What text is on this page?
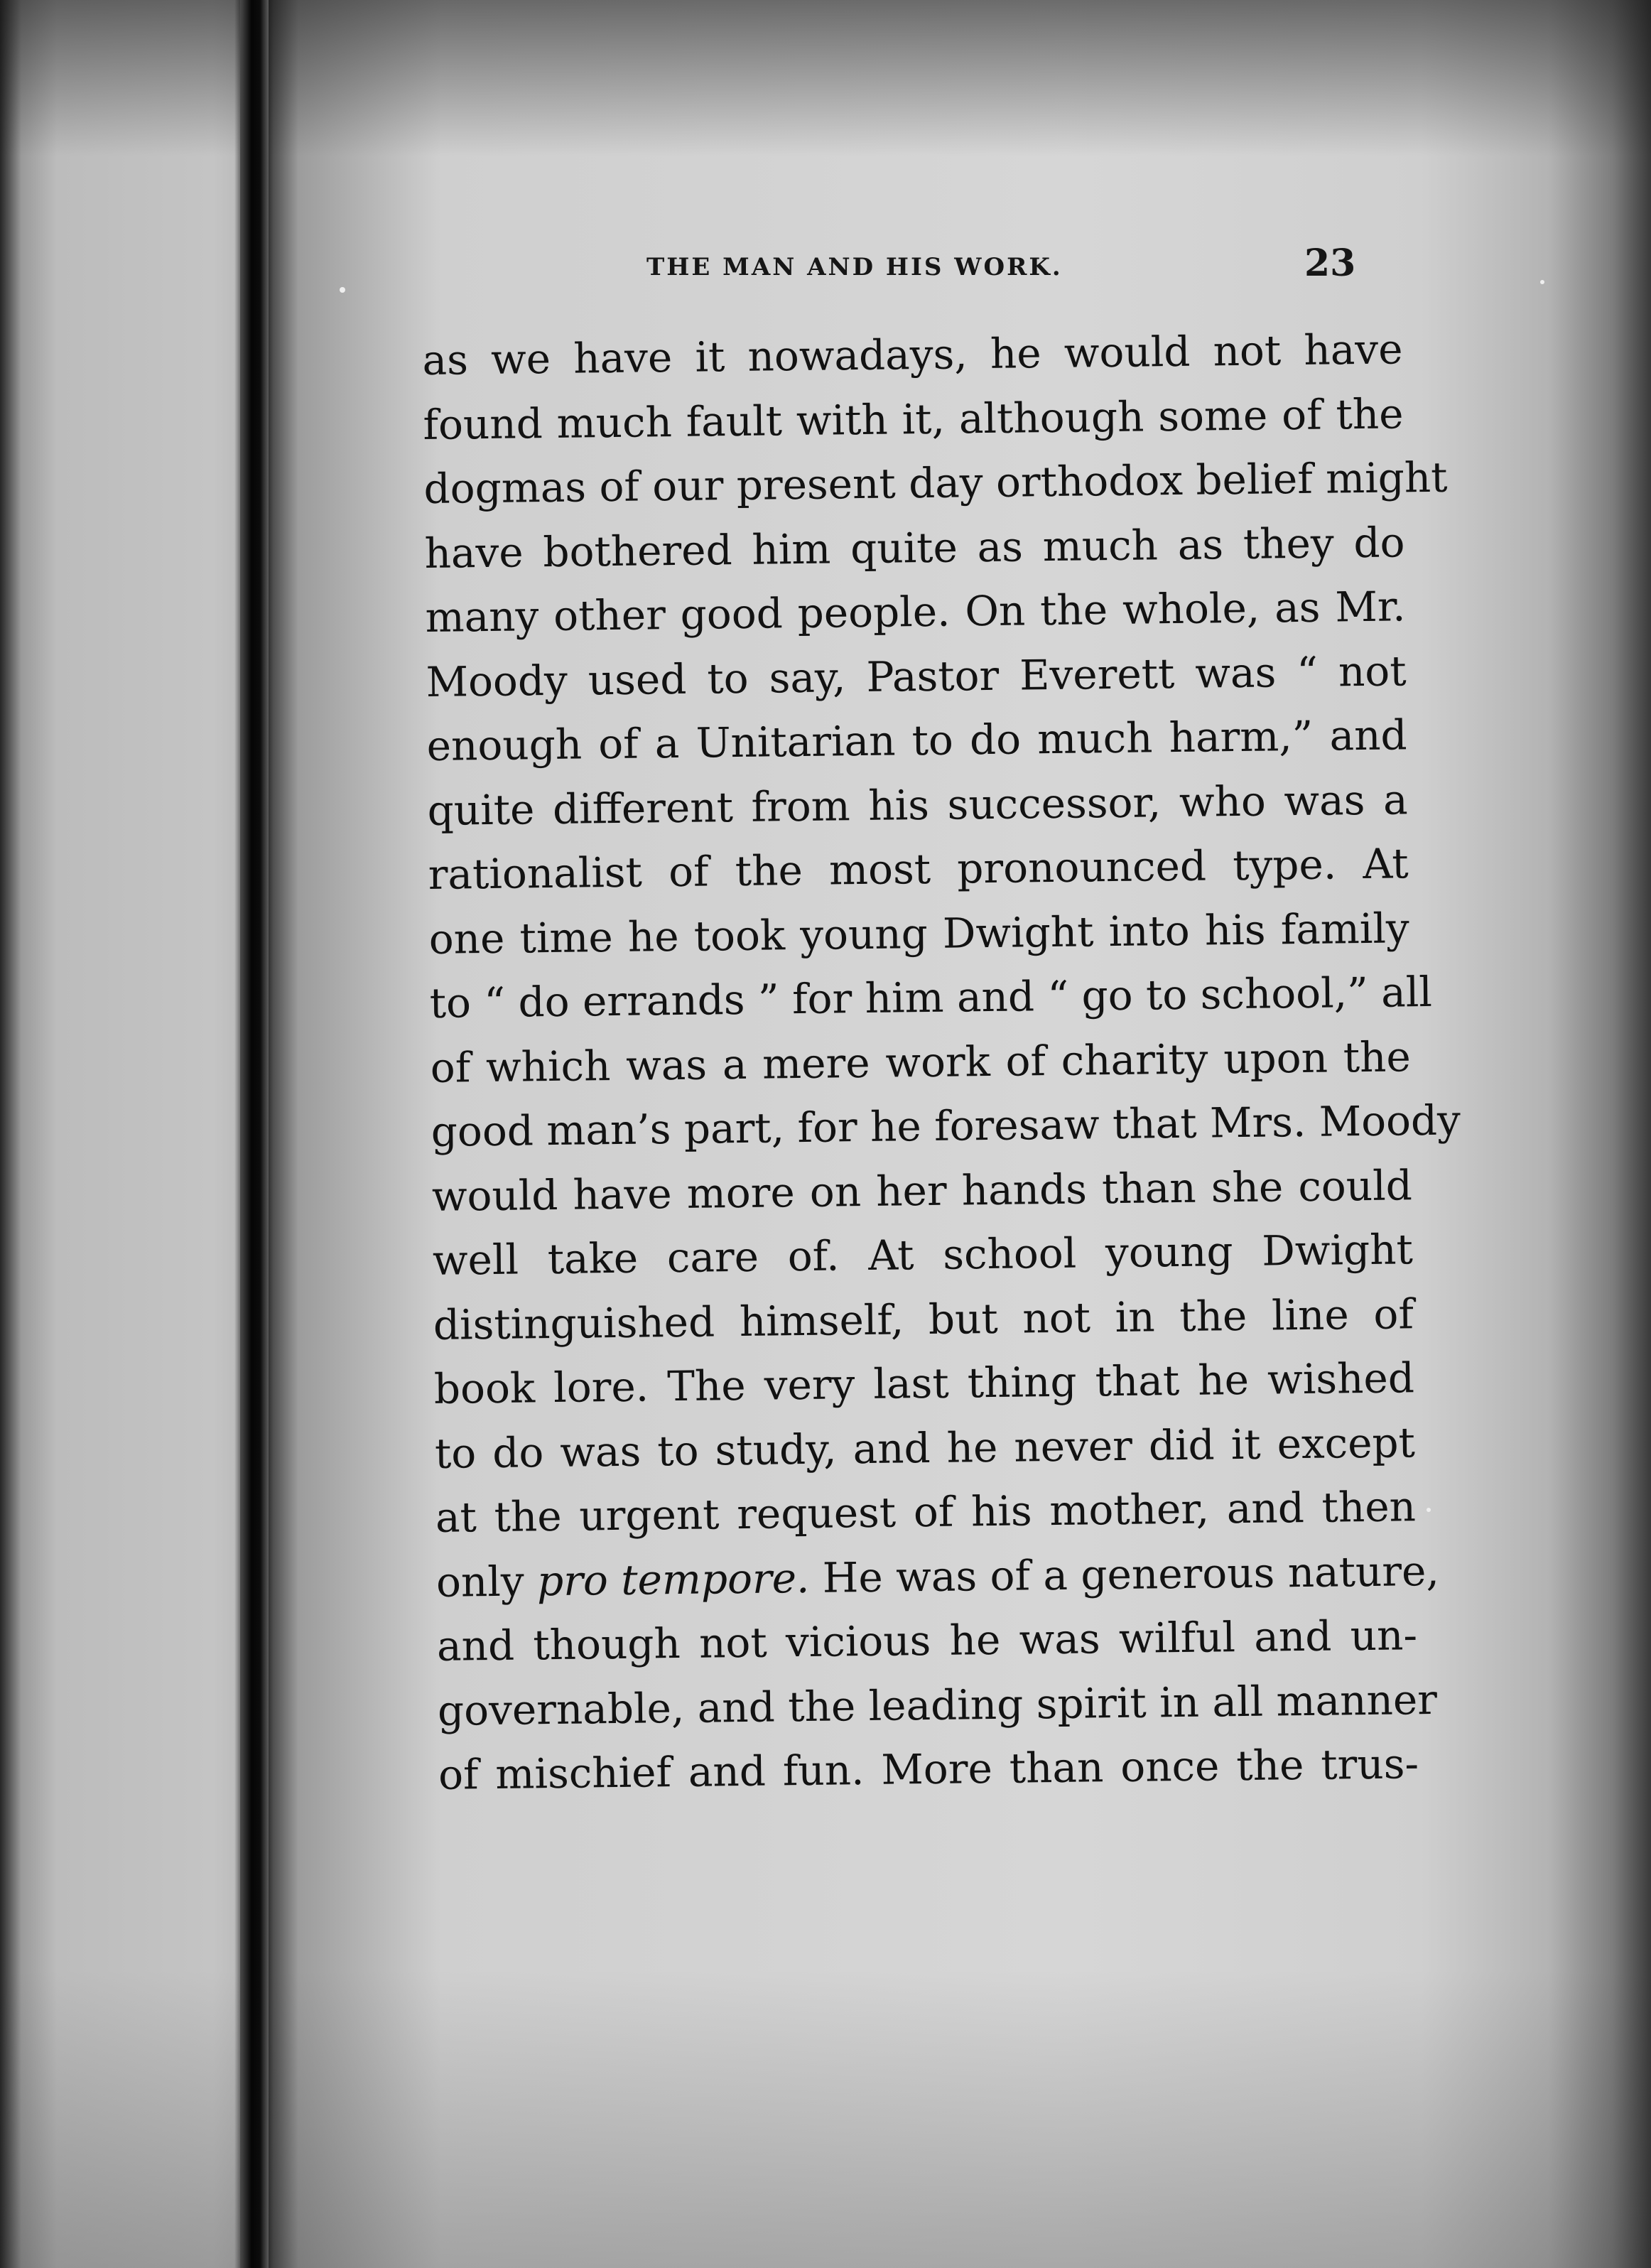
THE MAN AND HIS WORK.	23
as we have it nowadays, he would not have
found much fault with it, although some of the
dogmas of our present day orthodox belief might
have bothered him quite as much as they do
many other good people. On the whole, as Mr.
Moody used to say, Pastor Everett was “ not
enough of a Unitarian to do much harm,” and
quite different from his successor, who was a
rationalist of the most pronounced type. At
one time he took young Dwight into his family
to “ do errands ” for him and “ go to school,” all
of which was a mere work of charity upon the
good man’s part, for he foresaw that Mrs. Moody
would have more on her hands than she could
well take care of. At school young Dwight
distinguished himself, but not in the line of
book lore. The very last thing that he wished
to do was to study, and he never did it except
at the urgent request of his mother, and then
only pro tempore. He was of a generous nature,
and though not vicious he was wilful and un-
governable, and the leading spirit in all manner
of mischief and fun. More than once the trus-
